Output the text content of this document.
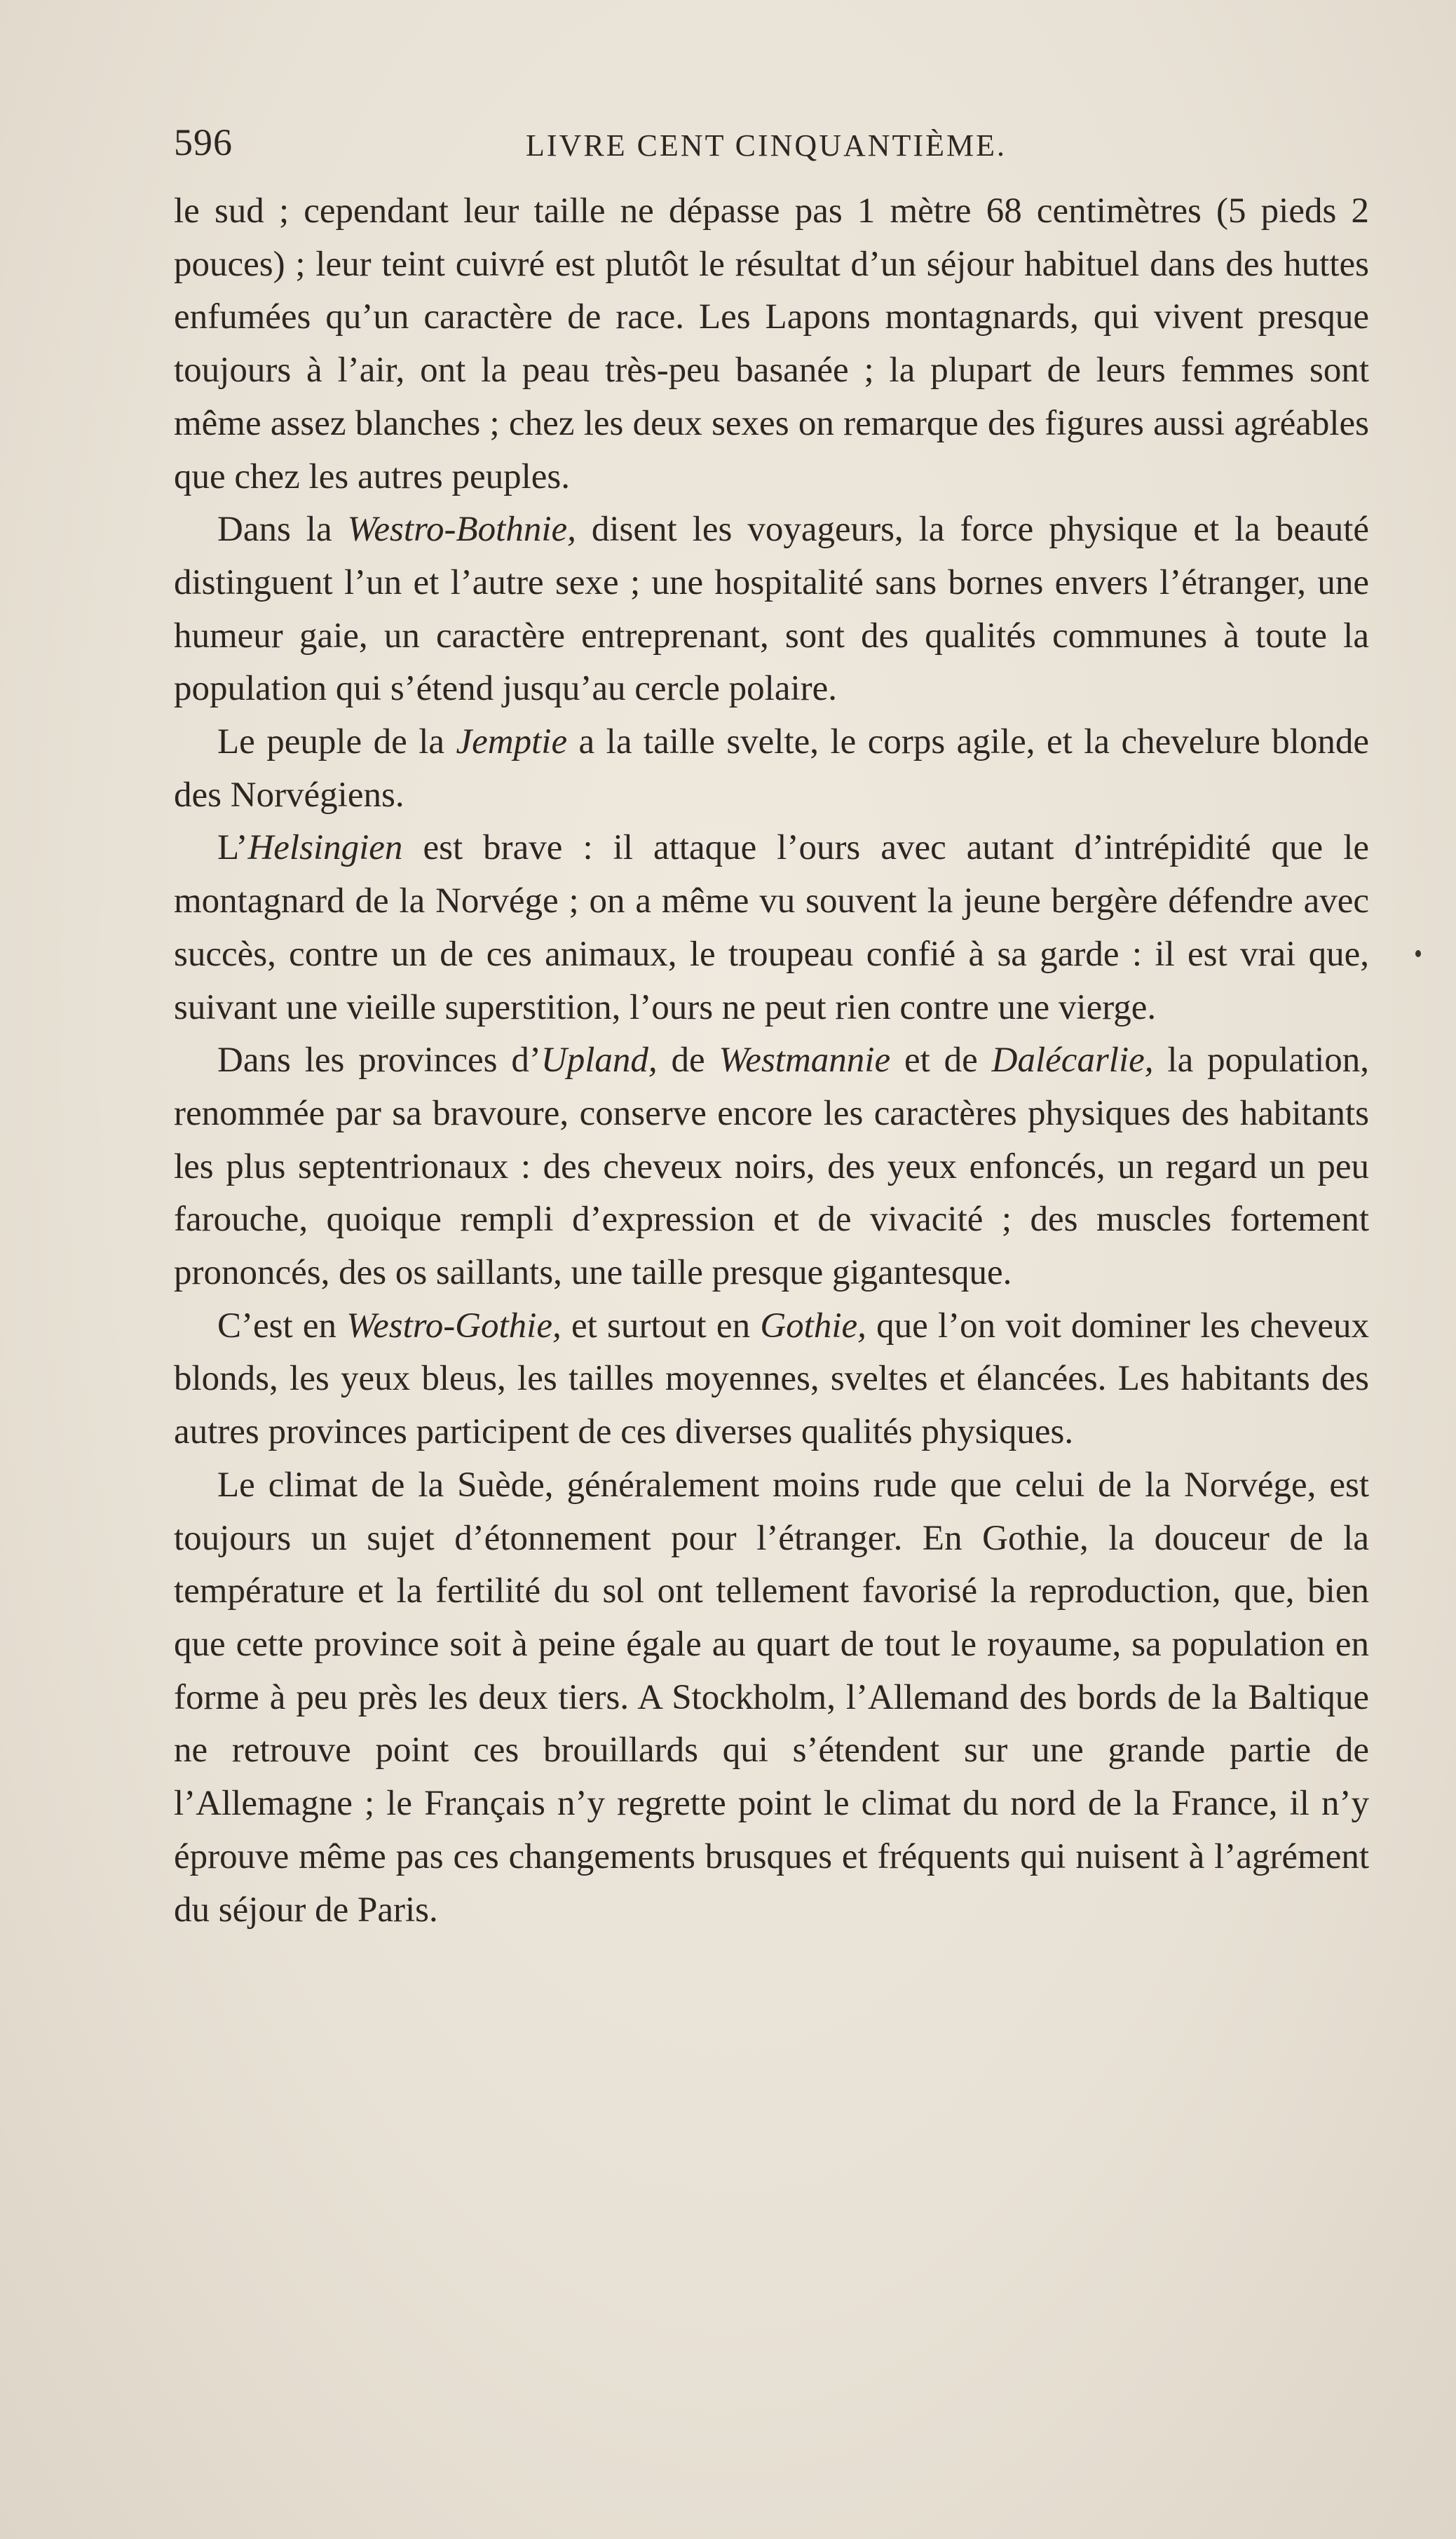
596	LIVRE CENT CINQUANTIÈME.

le sud ; cependant leur taille ne dépasse pas 1 mètre 68 centimètres (5 pieds 2 pouces) ; leur teint cuivré est plutôt le résultat d’un séjour habituel dans des huttes enfumées qu’un caractère de race. Les Lapons montagnards, qui vivent presque toujours à l’air, ont la peau très-peu basanée ; la plupart de leurs femmes sont même assez blanches ; chez les deux sexes on remarque des figures aussi agréables que chez les autres peuples.

Dans la Westro-Bothnie, disent les voyageurs, la force physique et la beauté distinguent l’un et l’autre sexe ; une hospitalité sans bornes envers l’étranger, une humeur gaie, un caractère entreprenant, sont des qualités communes à toute la population qui s’étend jusqu’au cercle polaire.

Le peuple de la Jemptie a la taille svelte, le corps agile, et la chevelure blonde des Norvégiens.

L’Helsingien est brave : il attaque l’ours avec autant d’intrépidité que le montagnard de la Norvége ; on a même vu souvent la jeune bergère défendre avec succès, contre un de ces animaux, le troupeau confié à sa garde : il est vrai que, suivant une vieille superstition, l’ours ne peut rien contre une vierge.

Dans les provinces d’Upland, de Westmannie et de Dalécarlie, la population, renommée par sa bravoure, conserve encore les caractères physiques des habitants les plus septentrionaux : des cheveux noirs, des yeux enfoncés, un regard un peu farouche, quoique rempli d’expression et de vivacité ; des muscles fortement prononcés, des os saillants, une taille presque gigantesque.

C’est en Westro-Gothie, et surtout en Gothie, que l’on voit dominer les cheveux blonds, les yeux bleus, les tailles moyennes, sveltes et élancées. Les habitants des autres provinces participent de ces diverses qualités physiques.

Le climat de la Suède, généralement moins rude que celui de la Norvége, est toujours un sujet d’étonnement pour l’étranger. En Gothie, la douceur de la température et la fertilité du sol ont tellement favorisé la reproduction, que, bien que cette province soit à peine égale au quart de tout le royaume, sa population en forme à peu près les deux tiers. A Stockholm, l’Allemand des bords de la Baltique ne retrouve point ces brouillards qui s’étendent sur une grande partie de l’Allemagne ; le Français n’y regrette point le climat du nord de la France, il n’y éprouve même pas ces changements brusques et fréquents qui nuisent à l’agrément du séjour de Paris.
